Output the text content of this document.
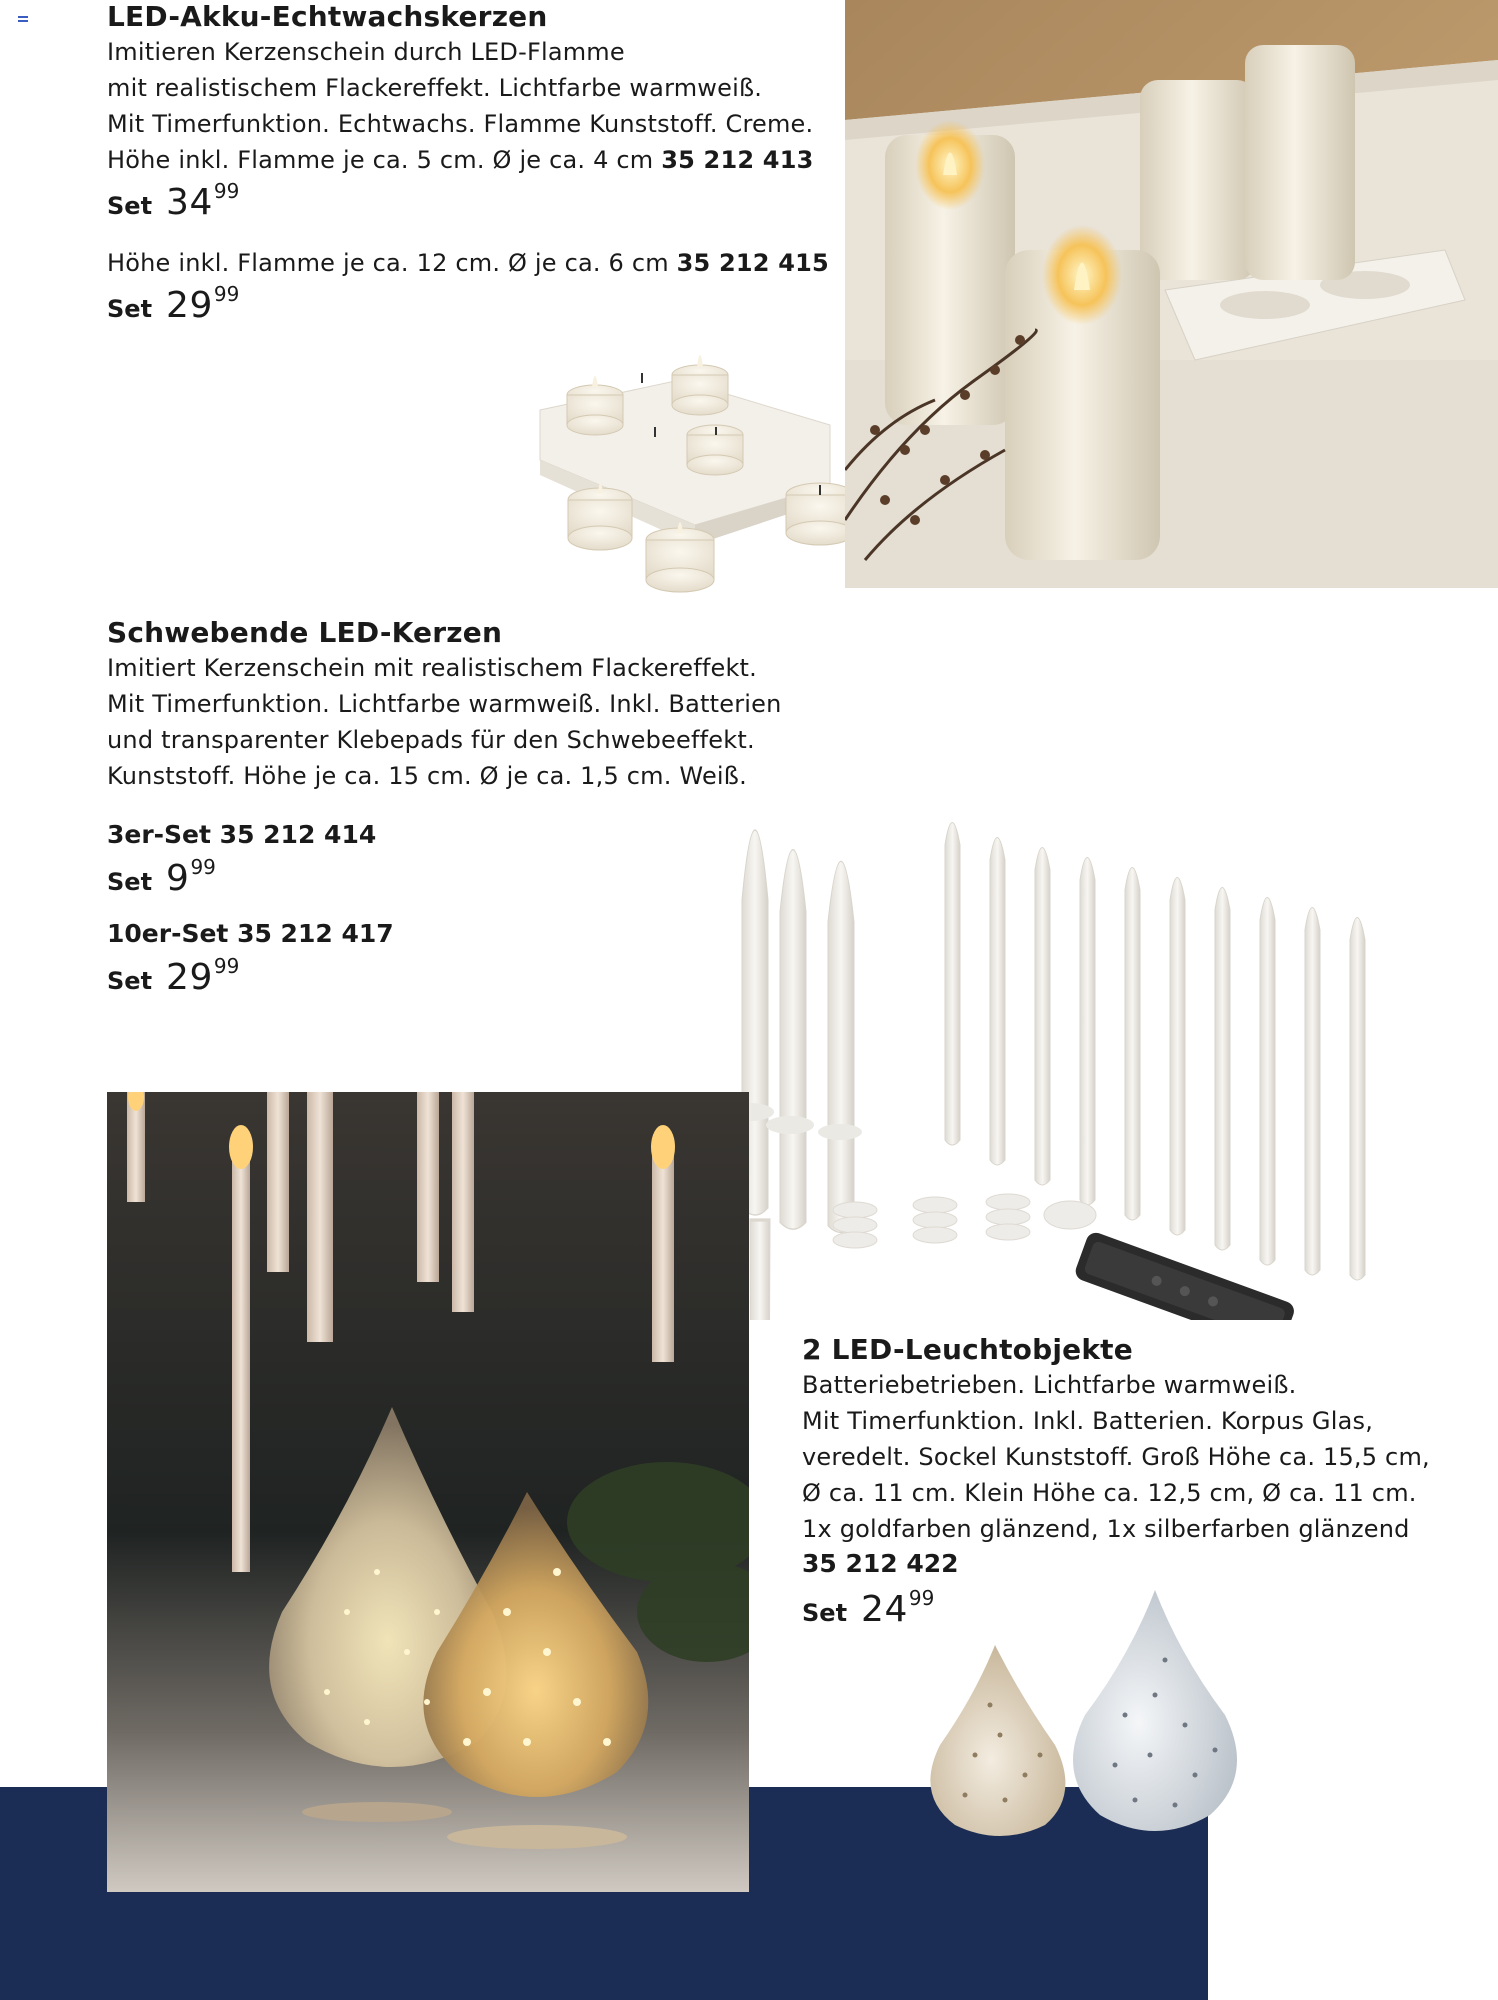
LED-Akku-Echtwachskerzen
Imitieren Kerzenschein durch LED-Flamme
mit realistischem Flackereffekt. Lichtfarbe warmweiß.
Mit Timerfunktion. Echtwachs. Flamme Kunststoff. Creme.
Höhe inkl. Flamme je ca. 5 cm. Ø je ca. 4 cm 35 212 413
Set 34 99
Höhe inkl. Flamme je ca. 12 cm. Ø je ca. 6 cm 35 212 415
Set 29 99
Schwebende LED-Kerzen
Imitiert Kerzenschein mit realistischem Flackereffekt.
Mit Timerfunktion. Lichtfarbe warmweiß. Inkl. Batterien
und transparenter Klebepads für den Schwebeeffekt.
Kunststoff. Höhe je ca. 15 cm. Ø je ca. 1,5 cm. Weiß.
3er-Set 35 212 414
Set 9 99
10er-Set 35 212 417
Set 29 99
2 LED-Leuchtobjekte
Batteriebetrieben. Lichtfarbe warmweiß.
Mit Timerfunktion. Inkl. Batterien. Korpus Glas,
veredelt. Sockel Kunststoff. Groß Höhe ca. 15,5 cm,
Ø ca. 11 cm. Klein Höhe ca. 12,5 cm, Ø ca. 11 cm.
1x goldfarben glänzend, 1x silberfarben glänzend
35 212 422
Set 24 99
